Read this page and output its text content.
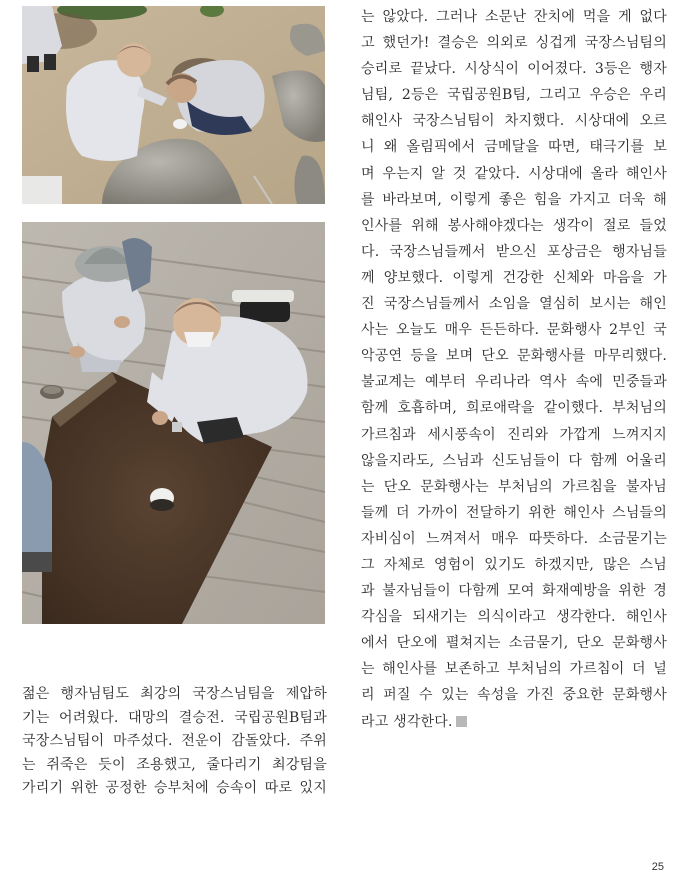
젊은 행자님팀도 최강의 국장스님팀을 제압하
기는 어려웠다. 대망의 결승전. 국립공원B팀과
국장스님팀이 마주섰다. 전운이 감돌았다. 주위
는 쥐죽은 듯이 조용했고, 줄다리기 최강팀을
가리기 위한 공정한 승부처에 승속이 따로 있지
는 않았다. 그러나 소문난 잔치에 먹을 게 없다
고 했던가! 결승은 의외로 싱겁게 국장스님팀의
승리로 끝났다. 시상식이 이어졌다. 3등은 행자
님팀, 2등은 국립공원B팀, 그리고 우승은 우리
해인사 국장스님팀이 차지했다. 시상대에 오르
니 왜 올림픽에서 금메달을 따면, 태극기를 보
며 우는지 알 것 같았다. 시상대에 올라 해인사
를 바라보며, 이렇게 좋은 힘을 가지고 더욱 해
인사를 위해 봉사해야겠다는 생각이 절로 들었
다. 국장스님들께서 받으신 포상금은 행자님들
께 양보했다. 이렇게 건강한 신체와 마음을 가
진 국장스님들께서 소임을 열심히 보시는 해인
사는 오늘도 매우 든든하다. 문화행사 2부인 국
악공연 등을 보며 단오 문화행사를 마무리했다.
불교계는 예부터 우리나라 역사 속에 민중들과
함께 호흡하며, 희로애락을 같이했다. 부처님의
가르침과 세시풍속이 진리와 가깝게 느껴지지
않을지라도, 스님과 신도님들이 다 함께 어울리
는 단오 문화행사는 부처님의 가르침을 불자님
들께 더 가까이 전달하기 위한 해인사 스님들의
자비심이 느껴져서 매우 따뜻하다. 소금묻기는
그 자체로 영험이 있기도 하겠지만, 많은 스님
과 불자님들이 다함께 모여 화재예방을 위한 경
각심을 되새기는 의식이라고 생각한다. 해인사
에서 단오에 펼쳐지는 소금묻기, 단오 문화행사
는 해인사를 보존하고 부처님의 가르침이 더 널
리 퍼질 수 있는 속성을 가진 중요한 문화행사
라고 생각한다.
25
